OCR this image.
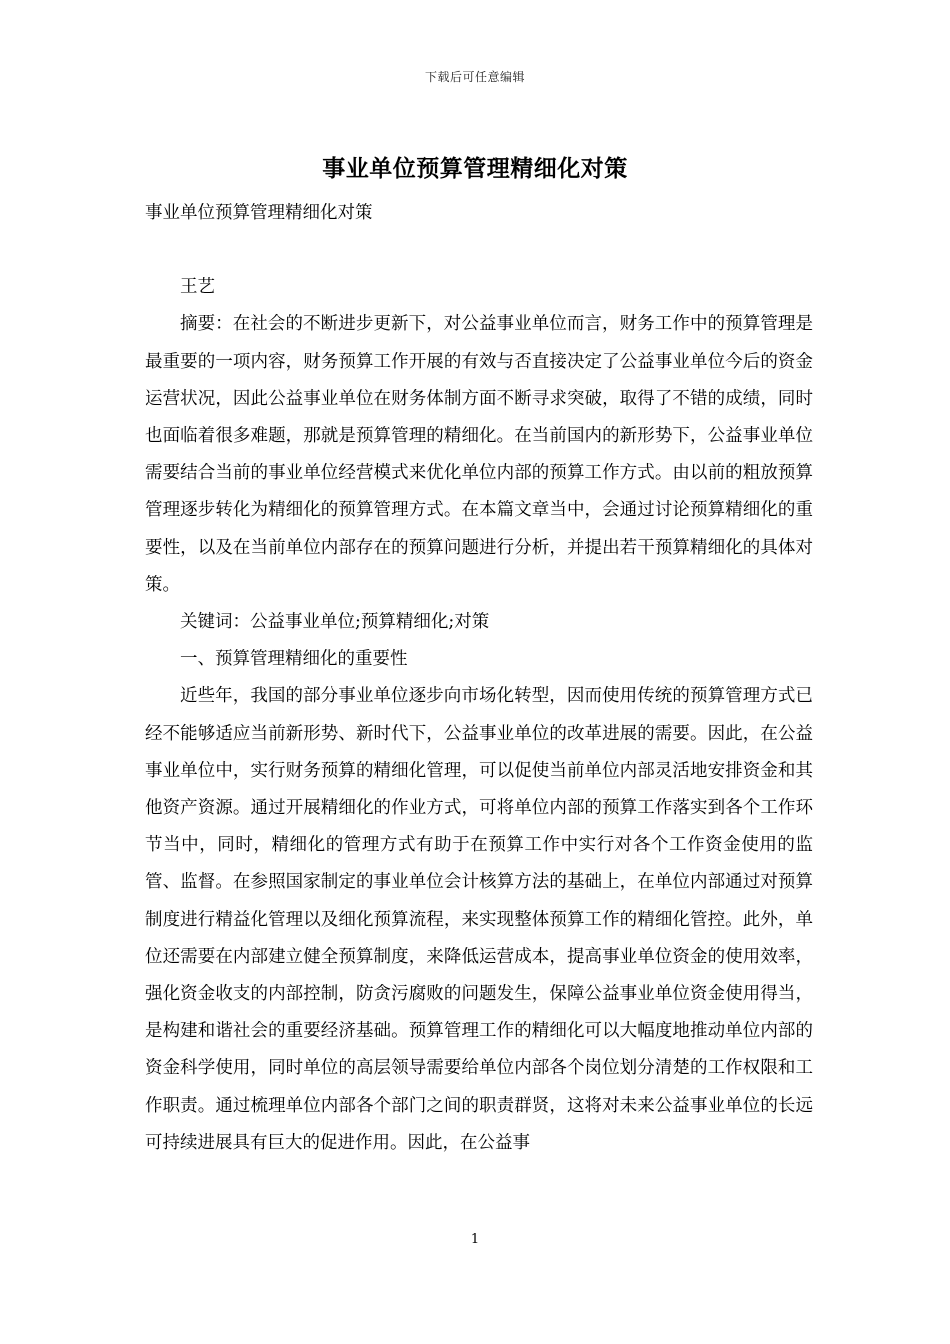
下载后可任意编辑
事业单位预算管理精细化对策

事业单位预算管理精细化对策

王艺

摘要：在社会的不断进步更新下，对公益事业单位而言，财务工作中的预算管理是最重要的一项内容，财务预算工作开展的有效与否直接决定了公益事业单位今后的资金运营状况，因此公益事业单位在财务体制方面不断寻求突破，取得了不错的成绩，同时也面临着很多难题，那就是预算管理的精细化。在当前国内的新形势下，公益事业单位需要结合当前的事业单位经营模式来优化单位内部的预算工作方式。由以前的粗放预算管理逐步转化为精细化的预算管理方式。在本篇文章当中，会通过讨论预算精细化的重要性，以及在当前单位内部存在的预算问题进行分析，并提出若干预算精细化的具体对策。

关键词：公益事业单位;预算精细化;对策

一、预算管理精细化的重要性

近些年，我国的部分事业单位逐步向市场化转型，因而使用传统的预算管理方式已经不能够适应当前新形势、新时代下，公益事业单位的改革进展的需要。因此，在公益事业单位中，实行财务预算的精细化管理，可以促使当前单位内部灵活地安排资金和其他资产资源。通过开展精细化的作业方式，可将单位内部的预算工作落实到各个工作环节当中，同时，精细化的管理方式有助于在预算工作中实行对各个工作资金使用的监管、监督。在参照国家制定的事业单位会计核算方法的基础上，在单位内部通过对预算制度进行精益化管理以及细化预算流程，来实现整体预算工作的精细化管控。此外，单位还需要在内部建立健全预算制度，来降低运营成本，提高事业单位资金的使用效率，强化资金收支的内部控制，防贪污腐败的问题发生，保障公益事业单位资金使用得当，是构建和谐社会的重要经济基础。预算管理工作的精细化可以大幅度地推动单位内部的资金科学使用，同时单位的高层领导需要给单位内部各个岗位划分清楚的工作权限和工作职责。通过梳理单位内部各个部门之间的职责群贤，这将对未来公益事业单位的长远可持续进展具有巨大的促进作用。因此，在公益事

1
